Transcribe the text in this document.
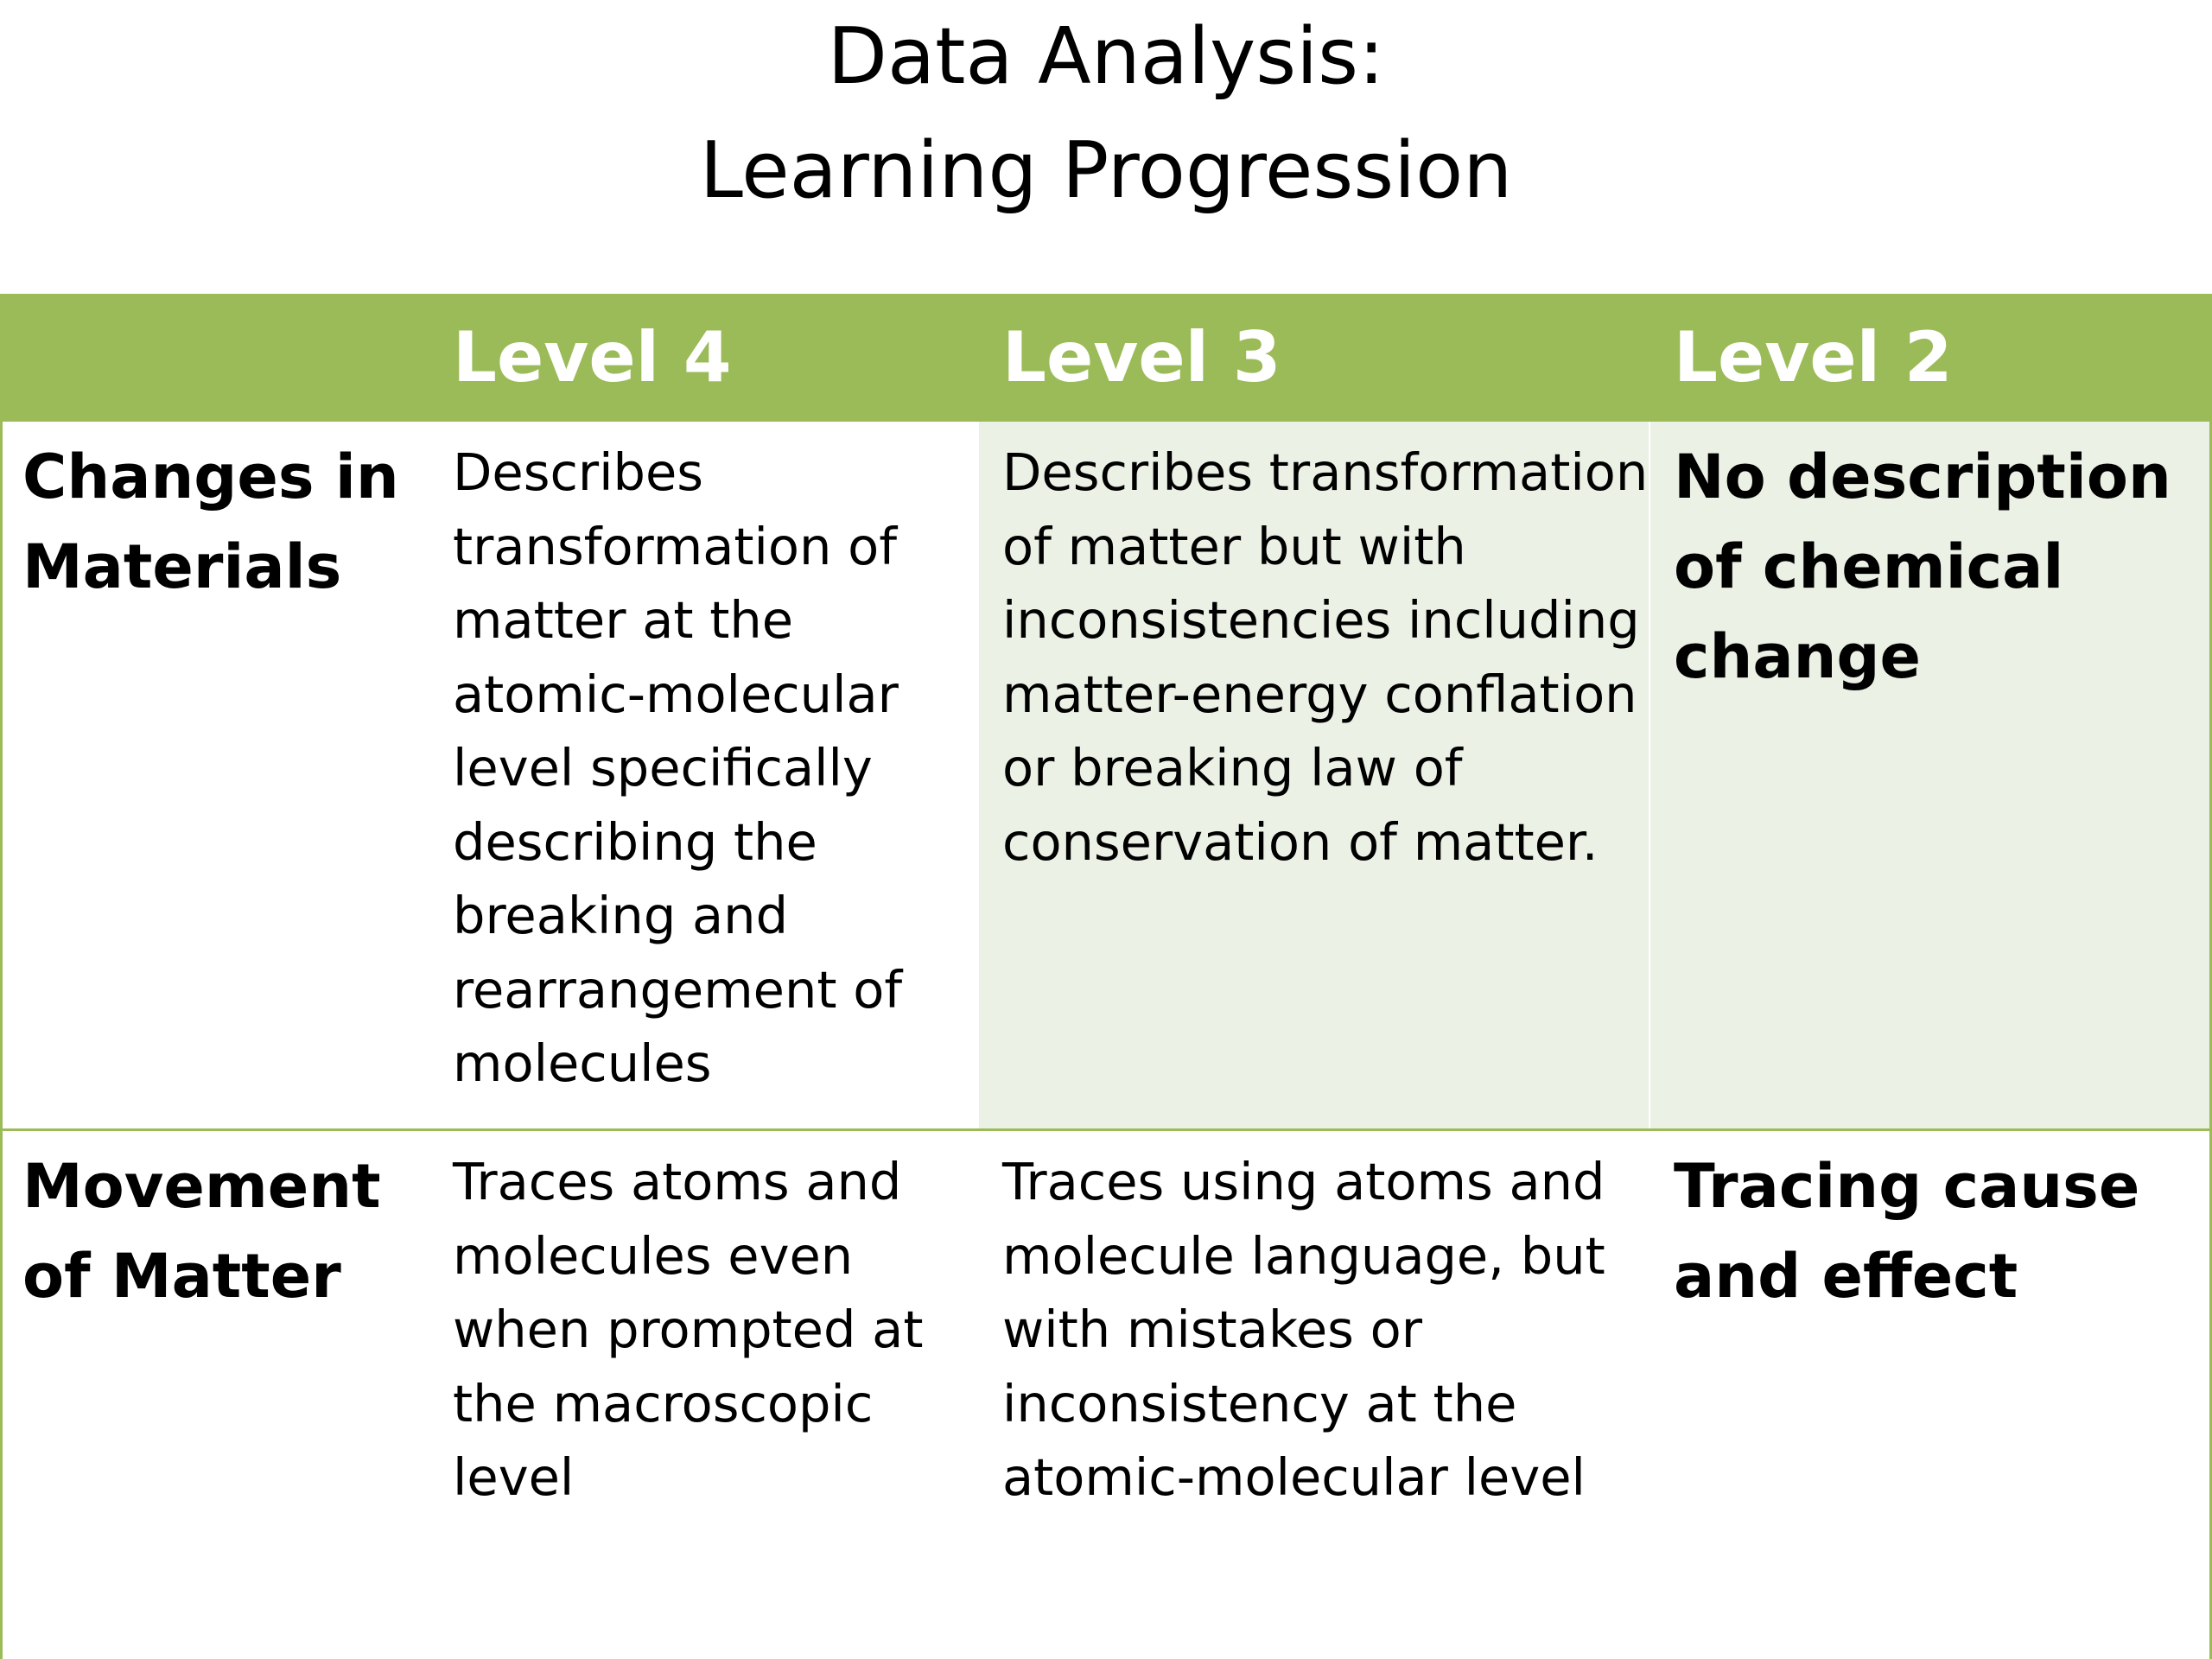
Data Analysis:
Learning Progression
Level 4	Level 3	Level 2
Changes in Materials
Describes transformation of matter at the atomic-molecular level specifically describing the breaking and rearrangement of molecules
Describes transformation of matter but with inconsistencies including matter-energy conflation or breaking law of conservation of matter.
No description of chemical change
Movement of Matter
Traces atoms and molecules even when prompted at the macroscopic level
Traces using atoms and molecule language, but with mistakes or inconsistency at the atomic-molecular level
Tracing cause and effect
